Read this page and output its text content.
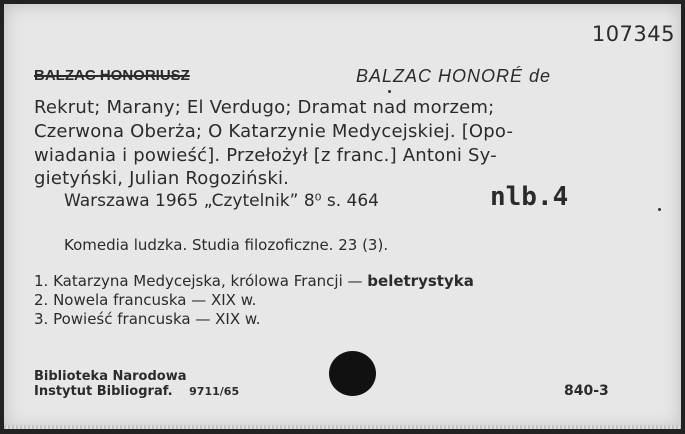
107345
BALZAC HONORIUSZ	BALZAC HONORÉ de
Rekrut; Marany; El Verdugo; Dramat nad morzem;
Czerwona Oberża; O Katarzynie Medycejskiej. [Opo-
wiadania i powieść]. Przełożył [z franc.] Antoni Sy-
gietyński, Julian Rogoziński.
Warszawa 1965 „Czytelnik” 8⁰ s. 464	nlb.4
Komedia ludzka. Studia filozoficzne. 23 (3).
1. Katarzyna Medycejska, królowa Francji — beletrystyka
2. Nowela francuska — XIX w.
3. Powieść francuska — XIX w.
Biblioteka Narodowa
Instytut Bibliograf. 9711/65	840-3
